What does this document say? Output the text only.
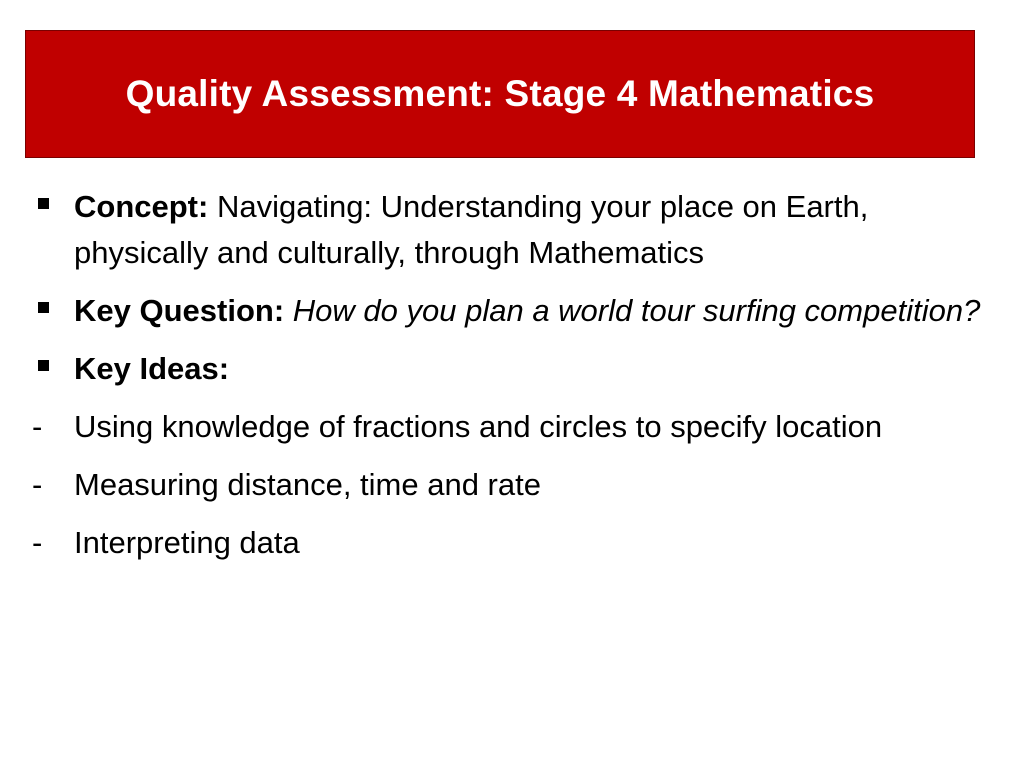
Quality Assessment: Stage 4 Mathematics
Concept: Navigating: Understanding your place on Earth, physically and culturally, through Mathematics
Key Question: How do you plan a world tour surfing competition?
Key Ideas:
- Using knowledge of fractions and circles to specify location
- Measuring distance, time and rate
- Interpreting data
